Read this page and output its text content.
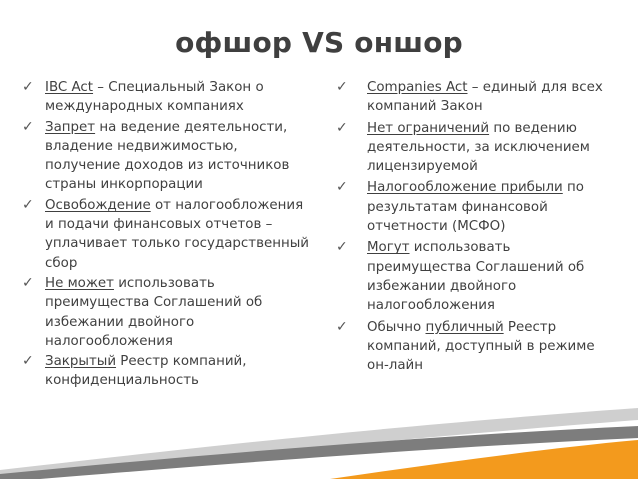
офшор VS оншор
✓ IBC Act – Специальный Закон о международных компаниях
✓ Запрет на ведение деятельности, владение недвижимостью, получение доходов из источников страны инкорпорации
✓ Освобождение от налогообложения и подачи финансовых отчетов – уплачивает только государственный сбор
✓ Не может использовать преимущества Соглашений об избежании двойного налогообложения
✓ Закрытый Реестр компаний, конфиденциальность
✓ Companies Act – единый для всех компаний Закон
✓ Нет ограничений по ведению деятельности, за исключением лицензируемой
✓ Налогообложение прибыли по результатам финансовой отчетности (МСФО)
✓ Могут использовать преимущества Соглашений об избежании двойного налогообложения
✓ Обычно публичный Реестр компаний, доступный в режиме он-лайн
